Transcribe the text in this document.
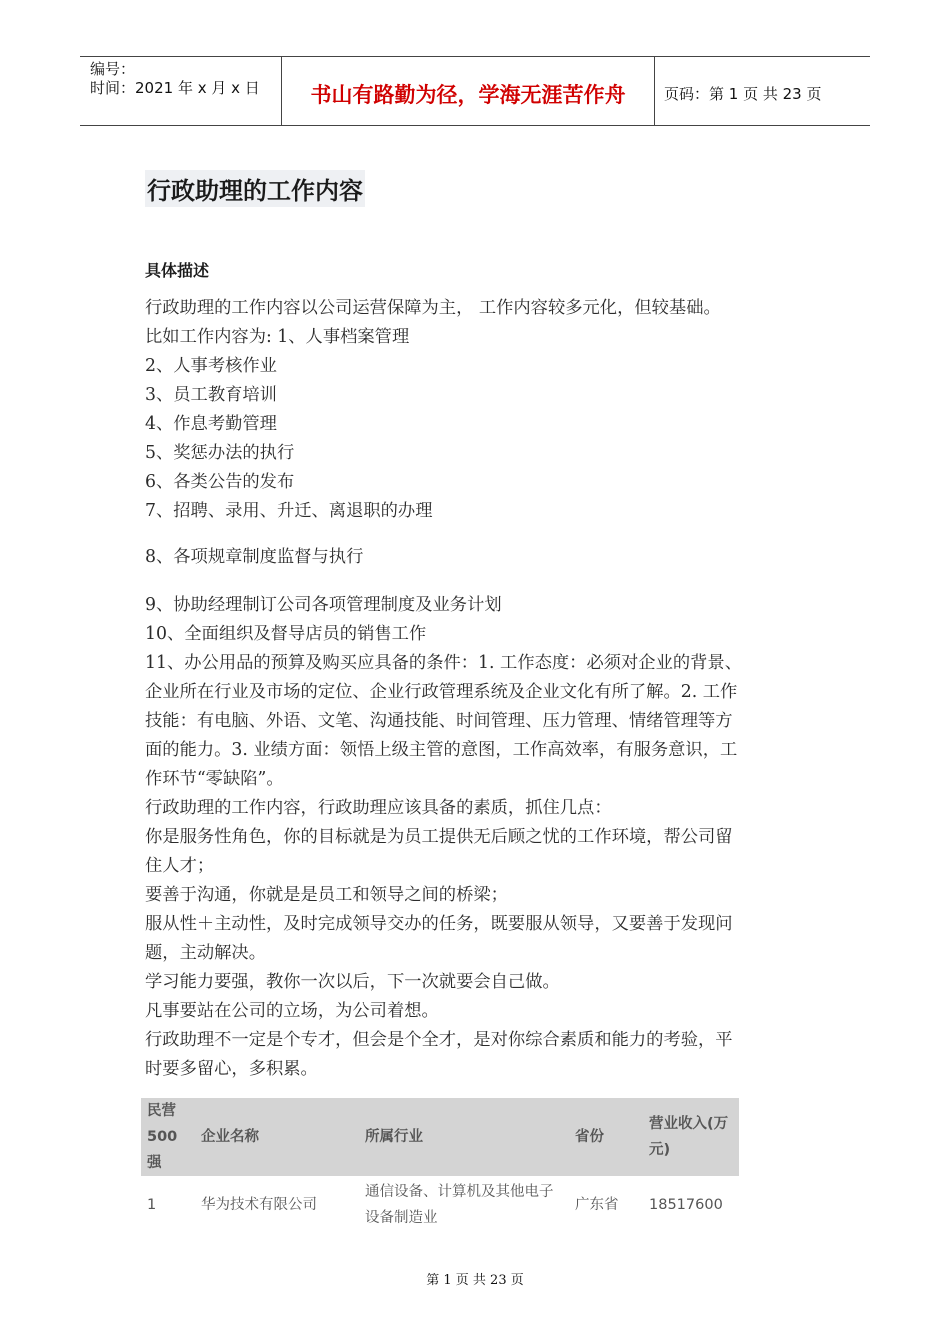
编号：
时间：2021 年 x 月 x 日	书山有路勤为径，学海无涯苦作舟	页码：第 1 页 共 23 页
行政助理的工作内容
具体描述
行政助理的工作内容以公司运营保障为主， 工作内容较多元化，但较基础。
比如工作内容为: 1、人事档案管理
2、人事考核作业
3、员工教育培训
4、作息考勤管理
5、奖惩办法的执行
6、各类公告的发布
7、招聘、录用、升迁、离退职的办理
8、各项规章制度监督与执行
9、协助经理制订公司各项管理制度及业务计划
10、全面组织及督导店员的销售工作
11、办公用品的预算及购买应具备的条件：1. 工作态度：必须对企业的背景、
企业所在行业及市场的定位、企业行政管理系统及企业文化有所了解。2. 工作
技能：有电脑、外语、文笔、沟通技能、时间管理、压力管理、情绪管理等方
面的能力。3. 业绩方面：领悟上级主管的意图，工作高效率，有服务意识，工
作环节“零缺陷”。
行政助理的工作内容，行政助理应该具备的素质，抓住几点：
你是服务性角色，你的目标就是为员工提供无后顾之忧的工作环境，帮公司留
住人才；
要善于沟通，你就是是员工和领导之间的桥梁；
服从性＋主动性，及时完成领导交办的任务，既要服从领导，又要善于发现问
题，主动解决。
学习能力要强，教你一次以后，下一次就要会自己做。
凡事要站在公司的立场，为公司着想。
行政助理不一定是个专才，但会是个全才，是对你综合素质和能力的考验，平
时要多留心，多积累。
民营 500 强	企业名称	所属行业	省份	营业收入(万元)
1	华为技术有限公司	通信设备、计算机及其他电子设备制造业	广东省	18517600
第 1 页 共 23 页
